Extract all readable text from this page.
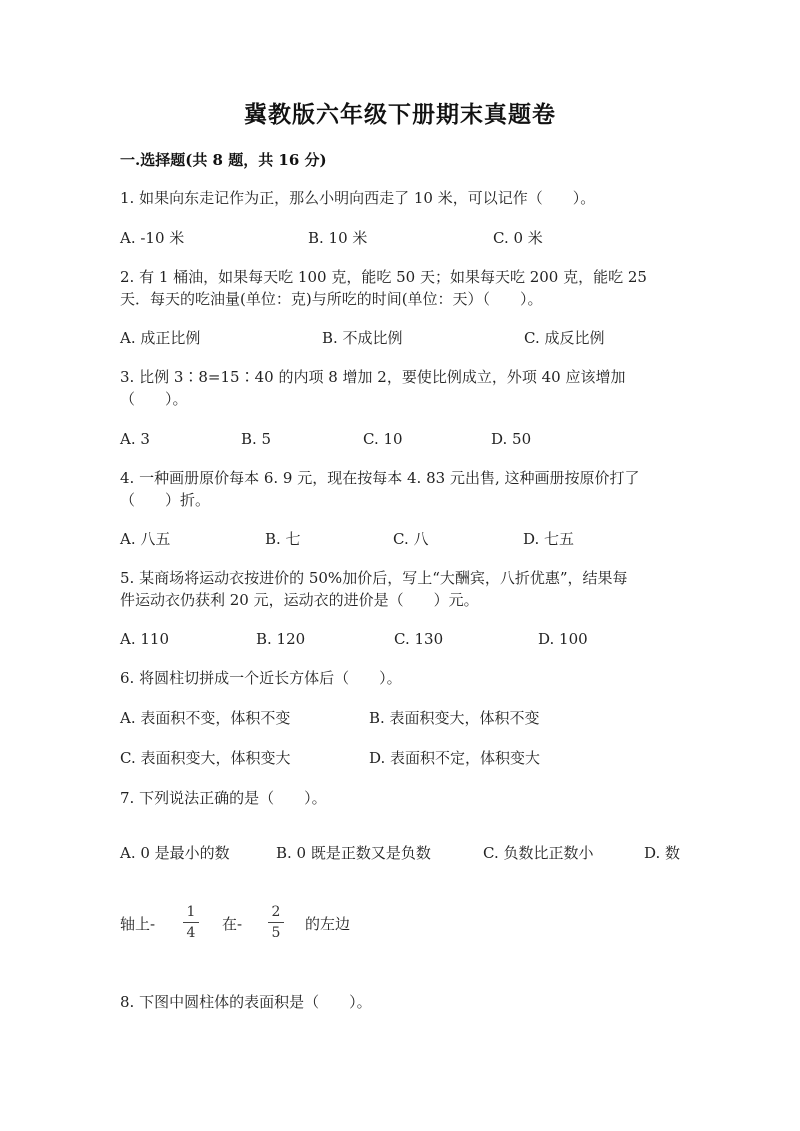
冀教版六年级下册期末真题卷
一.选择题(共 8 题，共 16 分)
1. 如果向东走记作为正，那么小明向西走了 10 米，可以记作（　　）。
A. -10 米	B. 10 米	C. 0 米
2. 有 1 桶油，如果每天吃 100 克，能吃 50 天；如果每天吃 200 克，能吃 25
天．每天的吃油量(单位：克)与所吃的时间(单位：天）（　　）。
A. 成正比例	B. 不成比例	C. 成反比例
3. 比例 3∶8=15∶40 的内项 8 增加 2，要使比例成立，外项 40 应该增加
（　　）。
A. 3	B. 5	C. 10	D. 50
4. 一种画册原价每本 6. 9 元，现在按每本 4. 83 元出售, 这种画册按原价打了
（　　）折。
A. 八五	B. 七	C. 八	D. 七五
5. 某商场将运动衣按进价的 50%加价后，写上“大酬宾，八折优惠”，结果每
件运动衣仍获利 20 元，运动衣的进价是（　　）元。
A. 110	B. 120	C. 130	D. 100
6. 将圆柱切拼成一个近长方体后（　　）。
A. 表面积不变，体积不变	B. 表面积变大，体积不变
C. 表面积变大，体积变大	D. 表面积不定，体积变大
7. 下列说法正确的是（　　）。
A. 0 是最小的数	B. 0 既是正数又是负数	C. 负数比正数小	D. 数
轴上-
1
4 在-
2
5 的左边
8. 下图中圆柱体的表面积是（　　）。
